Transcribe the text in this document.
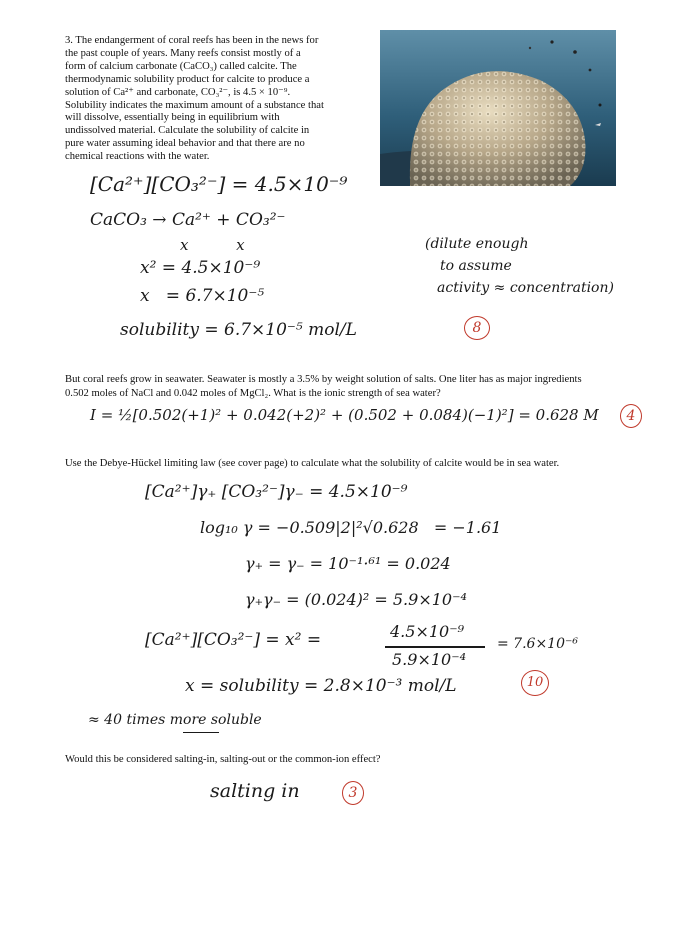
3. The endangerment of coral reefs has been in the news for
the past couple of years. Many reefs consist mostly of a
form of calcium carbonate (CaCO₃) called calcite. The
thermodynamic solubility product for calcite to produce a
solution of Ca²⁺ and carbonate, CO₃²⁻, is 4.5 × 10⁻⁹.
Solubility indicates the maximum amount of a substance that
will dissolve, essentially being in equilibrium with
undissolved material. Calculate the solubility of calcite in
pure water assuming ideal behavior and that there are no
chemical reactions with the water.
[Ca²⁺][CO₃²⁻] = 4.5×10⁻⁹
CaCO₃ → Ca²⁺ + CO₃²⁻
x          x
x² = 4.5×10⁻⁹
x   = 6.7×10⁻⁵
solubility = 6.7×10⁻⁵ mol/L
(dilute enough
to assume
activity ≈ concentration)
8
But coral reefs grow in seawater. Seawater is mostly a 3.5% by weight solution of salts. One liter has as major ingredients
0.502 moles of NaCl and 0.042 moles of MgCl₂. What is the ionic strength of sea water?
I = ½[0.502(+1)² + 0.042(+2)² + (0.502 + 0.084)(−1)²] = 0.628 M	4
Use the Debye-Hückel limiting law (see cover page) to calculate what the solubility of calcite would be in sea water.
[Ca²⁺]γ₊ [CO₃²⁻]γ₋ = 4.5×10⁻⁹
log₁₀ γ = −0.509|2|²√0.628   = −1.61
γ₊ = γ₋ = 10⁻¹·⁶¹ = 0.024
γ₊γ₋ = (0.024)² = 5.9×10⁻⁴
[Ca²⁺][CO₃²⁻] = x² =	4.5×10⁻⁹
5.9×10⁻⁴
= 7.6×10⁻⁶
x = solubility = 2.8×10⁻³ mol/L	10
≈ 40 times more soluble
Would this be considered salting-in, salting-out or the common-ion effect?
salting in	3
